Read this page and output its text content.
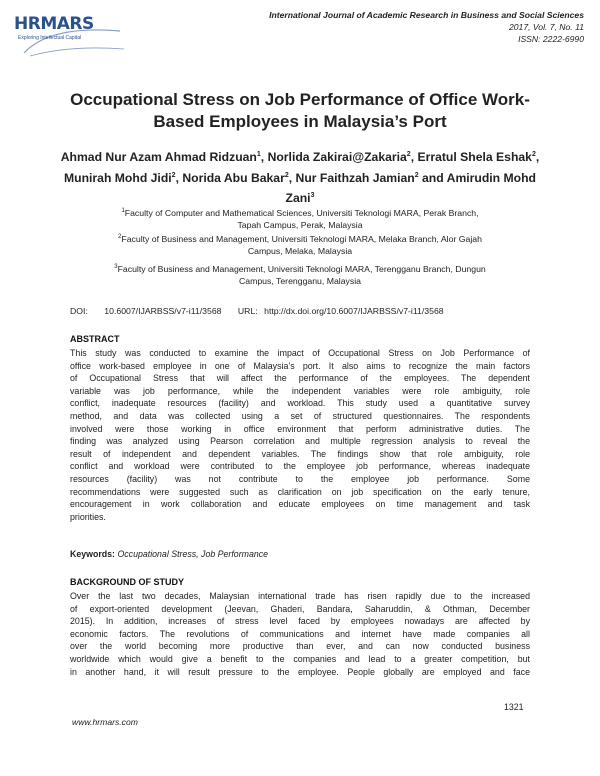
HRMARS
Exploring Intellectual Capital
International Journal of Academic Research in Business and Social Sciences
2017, Vol. 7, No. 11
ISSN: 2222-6990
Occupational Stress on Job Performance of Office Work-
Based Employees in Malaysia’s Port
Ahmad Nur Azam Ahmad Ridzuan$^1$, Norlida Zakirai@Zakaria$^2$, Erratul Shela Eshak$^2$, Munirah Mohd Jidi$^2$, Norida Abu Bakar$^2$, Nur Faithzah Jamian$^2$ and Amirudin Mohd Zani$^3$
$^1$Faculty of Computer and Mathematical Sciences, Universiti Teknologi MARA, Perak Branch,
Tapah Campus, Perak, Malaysia
$^2$Faculty of Business and Management, Universiti Teknologi MARA, Melaka Branch, Alor Gajah
Campus, Melaka, Malaysia
$^3$Faculty of Business and Management, Universiti Teknologi MARA, Terengganu Branch, Dungun
Campus, Terengganu, Malaysia
DOI: 10.6007/IJARBSS/v7-i11/3568 URL: http://dx.doi.org/10.6007/IJARBSS/v7-i11/3568
ABSTRACT
This study was conducted to examine the impact of Occupational Stress on Job Performance of
office work-based employee in one of Malaysia’s port. It also aims to recognize the main factors
of Occupational Stress that will affect the performance of the employees. The dependent
variable was job performance, while the independent variables were role ambiguity, role
conflict, inadequate resources (facility) and workload. This study used a quantitative survey
method, and data was collected using a set of structured questionnaires. The respondents
involved were those working in office environment that perform administrative duties. The
finding was analyzed using Pearson correlation and multiple regression analysis to reveal the
result of independent and dependent variables. The findings show that role ambiguity, role
conflict and workload were contributed to the employee job performance, whereas inadequate
resources (facility) was not contribute to the employee job performance. Some
recommendations were suggested such as clarification on job specification on the early tenure,
encouragement in work collaboration and educate employees on time management and task
priorities.
Keywords: Occupational Stress, Job Performance
BACKGROUND OF STUDY
Over the last two decades, Malaysian international trade has risen rapidly due to the increased
of export-oriented development (Jeevan, Ghaderi, Bandara, Saharuddin, & Othman, December
2015). In addition, increases of stress level faced by employees nowadays are affected by
economic factors. The revolutions of communications and internet have made companies all
over the world becoming more productive than ever, and can now conducted business
worldwide which would give a benefit to the companies and lead to a greater competition, but
in another hand, it will result pressure to the employee. People globally are employed and face
1321
www.hrmars.com
